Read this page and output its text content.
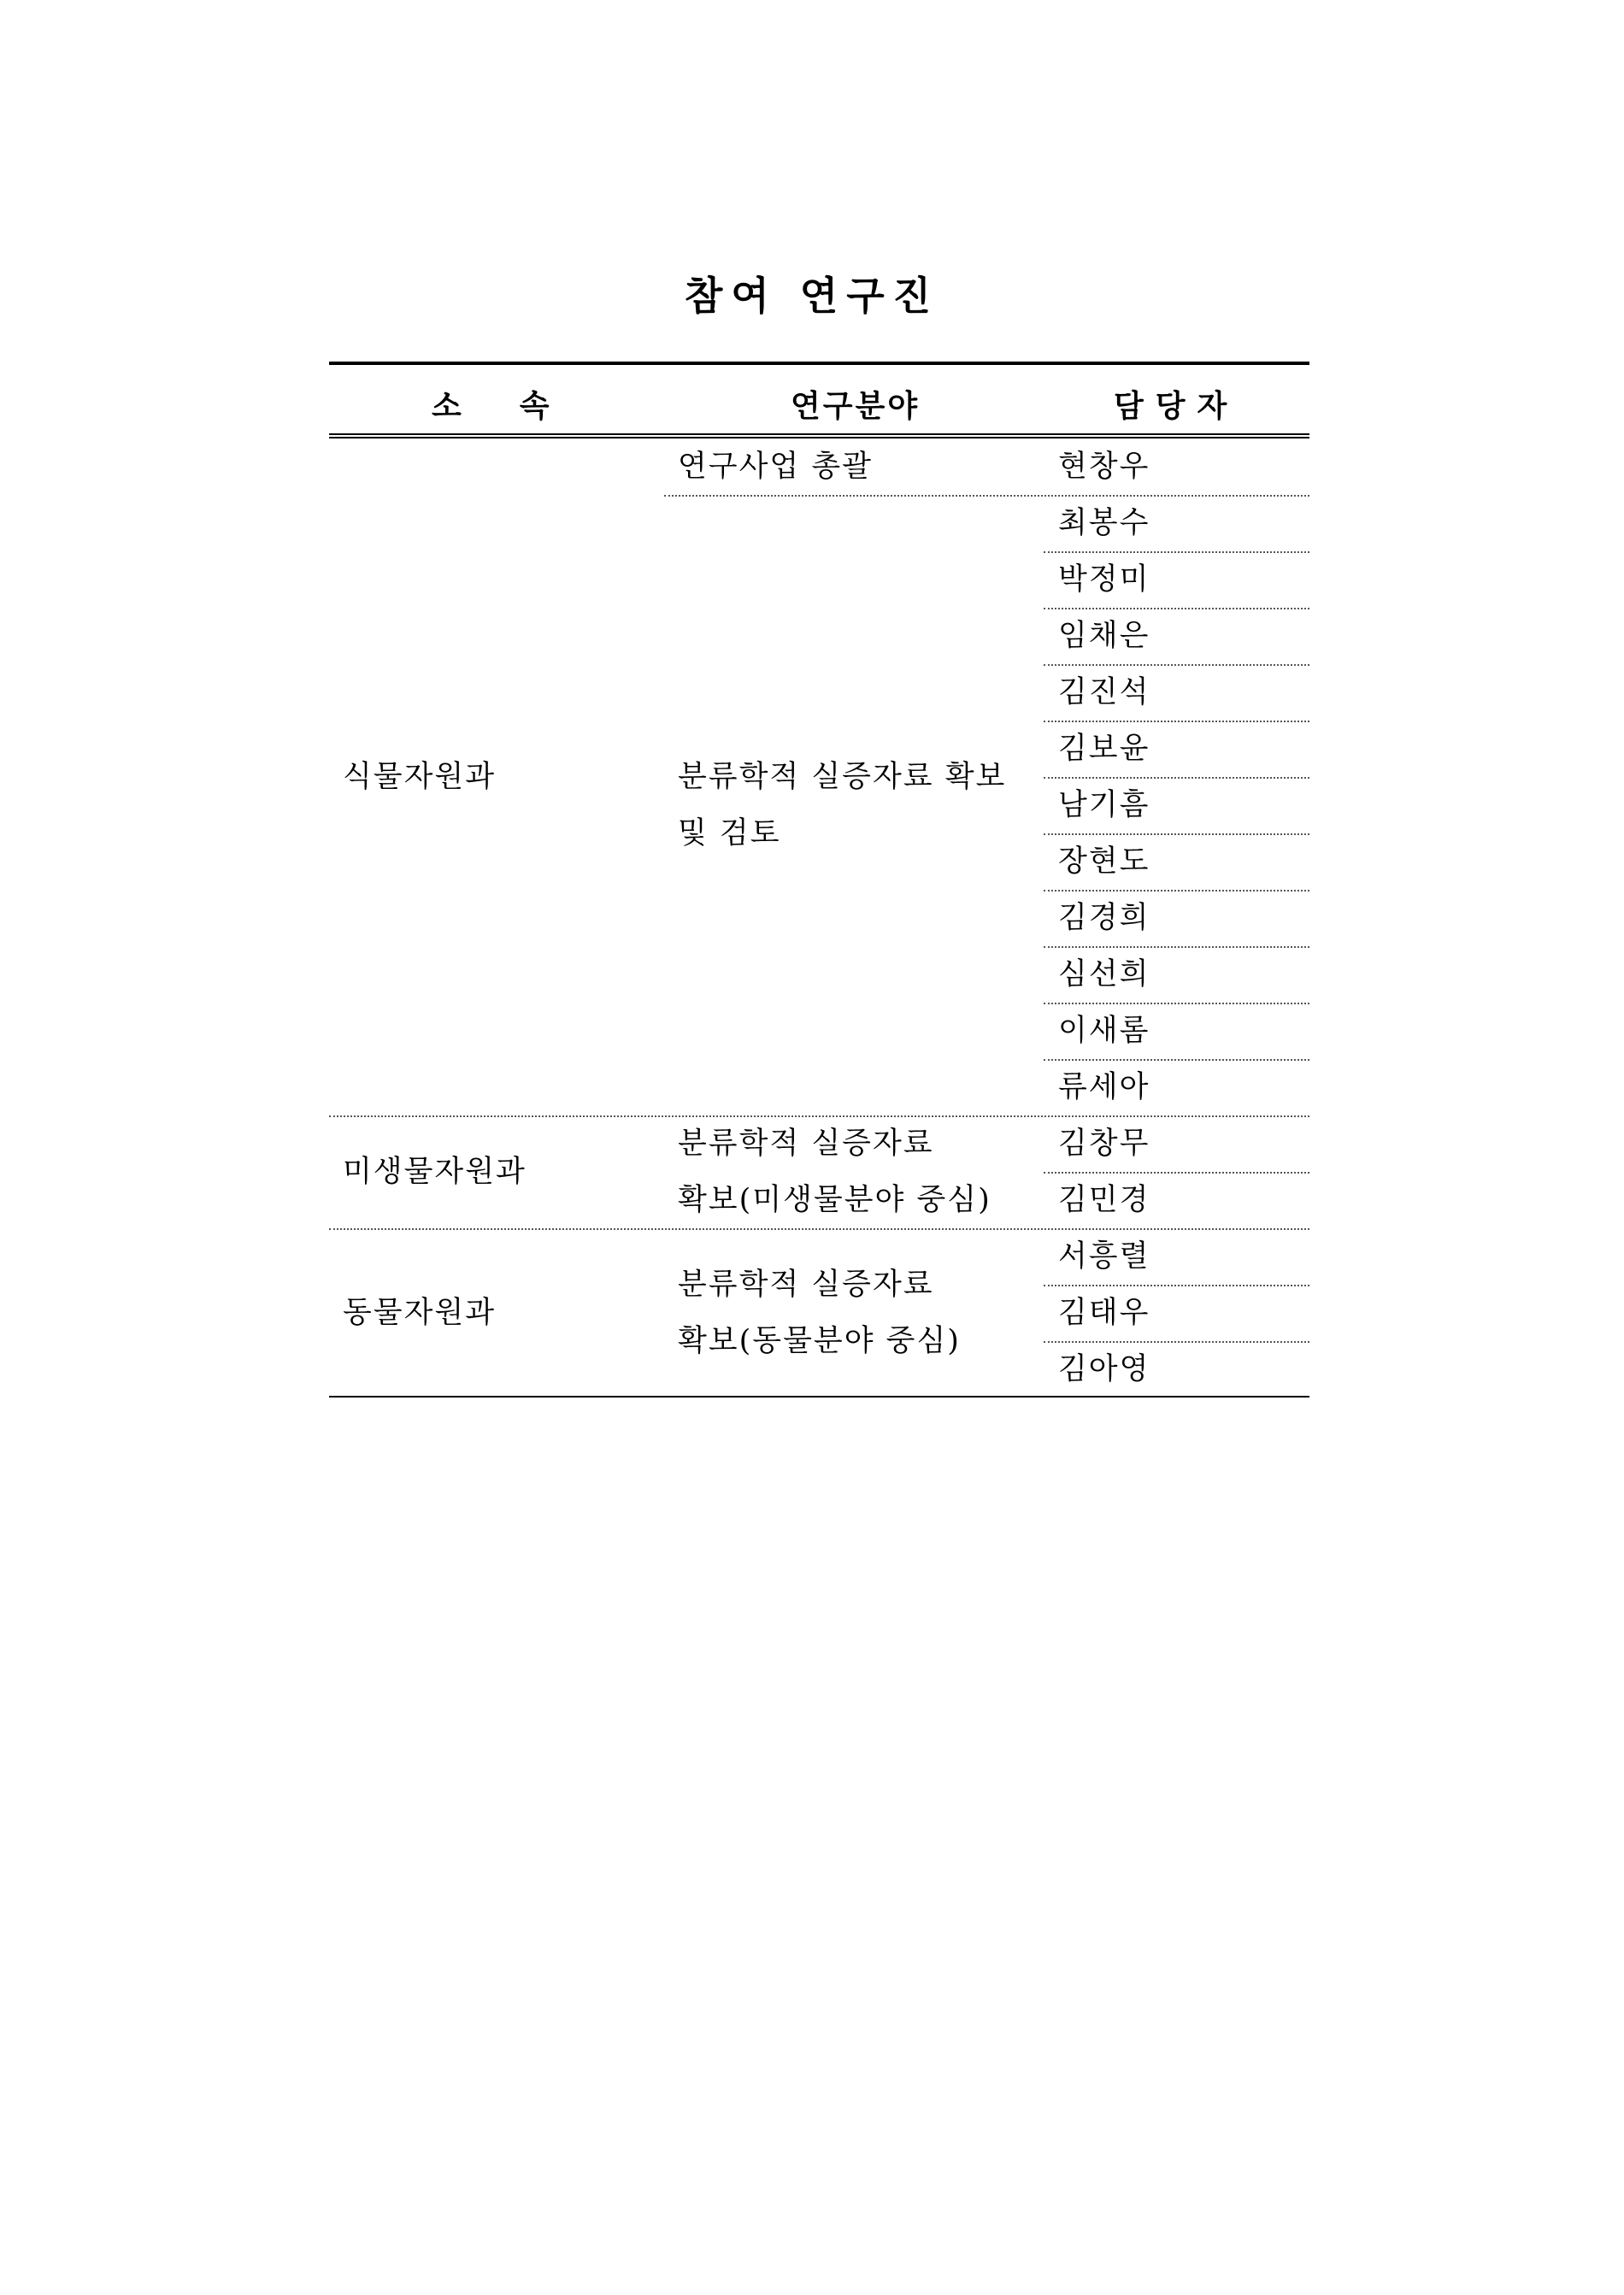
참여 연구진
소속	연구분야	담당자
식물자원과
연구사업 총괄
분류학적 실증자료 확보
및 검토
현창우
최봉수
박정미
임채은
김진석
김보윤
남기흠
장현도
김경희
심선희
이새롬
류세아
미생물자원과
분류학적 실증자료
확보(미생물분야 중심)
김창무
김민경
동물자원과
분류학적 실증자료
확보(동물분야 중심)
서흥렬
김태우
김아영
